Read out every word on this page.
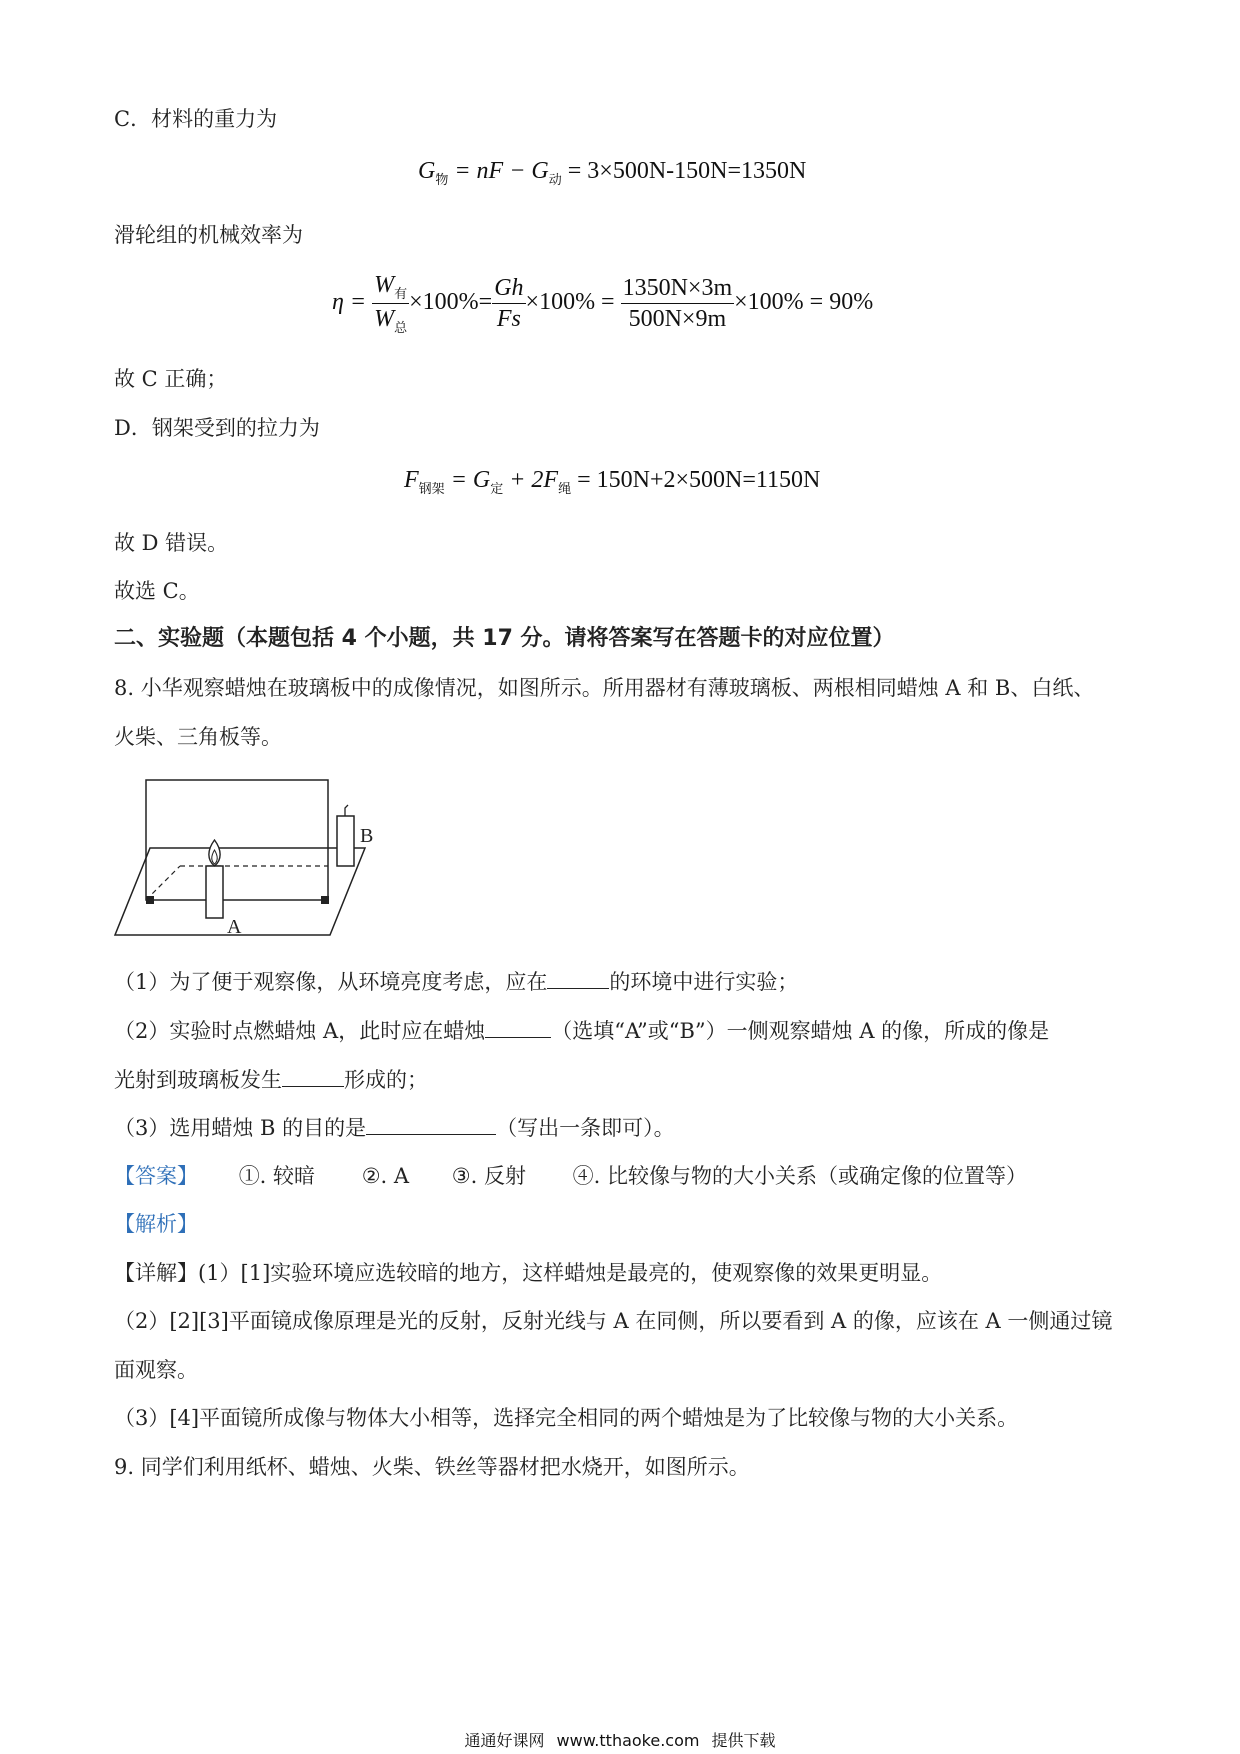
C．材料的重力为
$G_物$ = nF − $G_动 = 3\times 500N-150N=1350N$
滑轮组的机械效率为
$\eta = \frac{W_有}{W_总} \times 100\%= \frac{Gh}{Fs} \times 100\% = \frac{1350N\times 3m}{500N\times 9m} \times 100\% = 90\%$
故 C 正确；
D．钢架受到的拉力为
$F_{钢架} = G_定 + 2F_绳 = 150N+2\times 500N=1150N$
故 D 错误。
故选 C。
二、实验题（本题包括 4 个小题，共 17 分。请将答案写在答题卡的对应位置）
8. 小华观察蜡烛在玻璃板中的成像情况，如图所示。所用器材有薄玻璃板、两根相同蜡烛 A 和 B、白纸、
火柴、三角板等。
A
B
（1）为了便于观察像，从环境亮度考虑，应在	的环境中进行实验；
（2）实验时点燃蜡烛 A，此时应在蜡烛	（选填“A”或“B”）一侧观察蜡烛 A 的像，所成的像是
光射到玻璃板发生	形成的；
（3）选用蜡烛 B 的目的是	（写出一条即可）。
【答案】 ①. 较暗 ②. A ③. 反射 ④. 比较像与物的大小关系（或确定像的位置等）
【解析】
【详解】(1）[1]实验环境应选较暗的地方，这样蜡烛是最亮的，使观察像的效果更明显。
（2）[2][3]平面镜成像原理是光的反射，反射光线与 A 在同侧，所以要看到 A 的像，应该在 A 一侧通过镜
面观察。
（3）[4]平面镜所成像与物体大小相等，选择完全相同的两个蜡烛是为了比较像与物的大小关系。
9. 同学们利用纸杯、蜡烛、火柴、铁丝等器材把水烧开，如图所示。
通通好课网 www.tthaoke.com 提供下载
